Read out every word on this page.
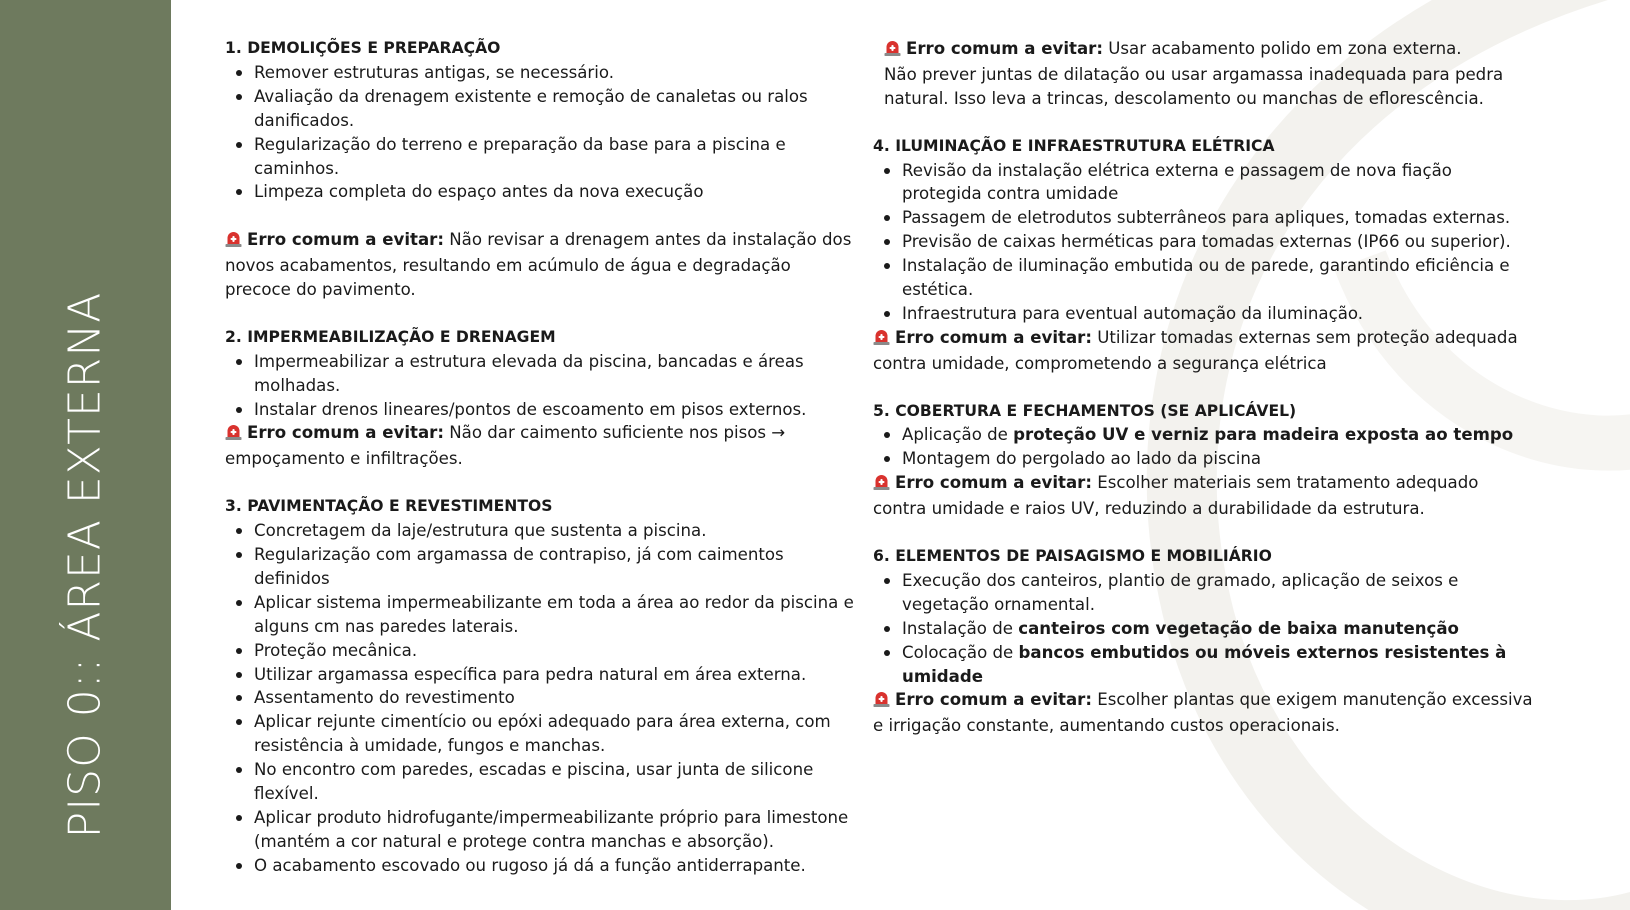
PISO 0:: ÁREA EXTERNA
1. DEMOLIÇÕES E PREPARAÇÃO
Remover estruturas antigas, se necessário.
Avaliação da drenagem existente e remoção de canaletas ou ralos danificados.
Regularização do terreno e preparação da base para a piscina e caminhos.
Limpeza completa do espaço antes da nova execução
Erro comum a evitar: Não revisar a drenagem antes da instalação dos novos acabamentos, resultando em acúmulo de água e degradação precoce do pavimento.
2. IMPERMEABILIZAÇÃO E DRENAGEM
Impermeabilizar a estrutura elevada da piscina, bancadas e áreas molhadas.
Instalar drenos lineares/pontos de escoamento em pisos externos.
Erro comum a evitar: Não dar caimento suficiente nos pisos → empoçamento e infiltrações.
3. PAVIMENTAÇÃO E REVESTIMENTOS
Concretagem da laje/estrutura que sustenta a piscina.
Regularização com argamassa de contrapiso, já com caimentos definidos
Aplicar sistema impermeabilizante em toda a área ao redor da piscina e alguns cm nas paredes laterais.
Proteção mecânica.
Utilizar argamassa específica para pedra natural em área externa.
Assentamento do revestimento
Aplicar rejunte cimentício ou epóxi adequado para área externa, com resistência à umidade, fungos e manchas.
No encontro com paredes, escadas e piscina, usar junta de silicone flexível.
Aplicar produto hidrofugante/impermeabilizante próprio para limestone (mantém a cor natural e protege contra manchas e absorção).
O acabamento escovado ou rugoso já dá a função antiderrapante.
Erro comum a evitar: Usar acabamento polido em zona externa.
Não prever juntas de dilatação ou usar argamassa inadequada para pedra natural. Isso leva a trincas, descolamento ou manchas de eflorescência.
4. ILUMINAÇÃO E INFRAESTRUTURA ELÉTRICA
Revisão da instalação elétrica externa e passagem de nova fiação protegida contra umidade
Passagem de eletrodutos subterrâneos para apliques, tomadas externas.
Previsão de caixas herméticas para tomadas externas (IP66 ou superior).
Instalação de iluminação embutida ou de parede, garantindo eficiência e estética.
Infraestrutura para eventual automação da iluminação.
Erro comum a evitar: Utilizar tomadas externas sem proteção adequada contra umidade, comprometendo a segurança elétrica
5. COBERTURA E FECHAMENTOS (SE APLICÁVEL)
Aplicação de proteção UV e verniz para madeira exposta ao tempo
Montagem do pergolado ao lado da piscina
Erro comum a evitar: Escolher materiais sem tratamento adequado contra umidade e raios UV, reduzindo a durabilidade da estrutura.
6. ELEMENTOS DE PAISAGISMO E MOBILIÁRIO
Execução dos canteiros, plantio de gramado, aplicação de seixos e vegetação ornamental.
Instalação de canteiros com vegetação de baixa manutenção
Colocação de bancos embutidos ou móveis externos resistentes à umidade
Erro comum a evitar: Escolher plantas que exigem manutenção excessiva e irrigação constante, aumentando custos operacionais.
